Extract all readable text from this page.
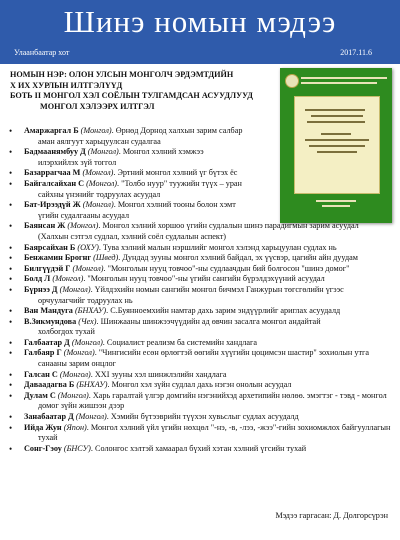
Шинэ номын мэдээ
Улаанбаатар хот	2017.11.6
НОМЫН НЭР: ОЛОН УЛСЫН МОНГОЛЧ ЭРДЭМТДИЙН
Х ИХ ХУРЛЫН ИЛТГЭЛҮҮД
БОТЬ II МОНГОЛ ХЭЛ СОЁЛЫН ТУЛГАМДСАН АСУУДЛУУД
МОНГОЛ ХЭЛЭЭРХ ИЛТГЭЛ
• Амаржаргал Б (Монгол). Өрнөд Дорнод халхын зарим салбар
аман аялгуут харьцуулсан судалгаа
• Бадмаанямбуу Д (Монгол). Монгол хэлний хэмжээ
илэрхийлэх зүй тоггол
• Базаррагчаа М (Монгол). Эртний монгол хэлний үг бүтэх ёс
• Байгалсайхан С (Монгол). "Толбо нуур" туужийн түүх – уран
сайхны үнэнийг тодруулах асуудал
• Бат-Ирээдүй Ж (Монгол). Монгол хэлний тооны болон хэмт
үгийн судалгааны асуудал
• Баянсан Ж (Монгол). Монгол хэлний хоршоо үгийн судлалын шинэ парадигмын зарим асуудал
(Халхын сэтгэл судлал, хэлний соёл судлалын аспект)
• Баярсайхан Б (ОХУ). Тува хэлний малын нэршлийг монгол хэлэнд харьцуулан судлах нь
• Бенжамин Брогнг (Швед). Дундад зууны монгол хэлний байдал, эх үүсвэр, цагийн айн дуудам
• Билгүүдэй Г (Монгол). "Монголын нууц товчоо"-ны судлаачдын бий болгосон "шинэ домог"
• Болд Л (Монгол). "Монголын нууц товчоо"-ны үгийн сангийн бүрэлдэхүүний асуудал
• Бүрнээ Д (Монгол). Үйлдэхийн номын сангийн монгол бичмэл Ганжурын төгсгөлийн үгээс
орчуулагчийг тодруулах нь
• Ван Мандуга (БНХАУ). С.Буянноемхийн намтар дахь зарим эндүүрлийг ариглах асуудалд
• В.Зикмундова (Чех). Шинжааны шинжээчүүдийн ад өвчин засалга монгол андайтай
холбогдох тухай
• Галбаатар Д (Монгол). Социалист реализм ба системийн хандлага
• Галбаяр Г (Монгол). "Чингисийн есөн өрлөгтэй өөгийн хүүгийн цоцимсэн шастир" зохиолын утга
санааны зарим онцлог
• Галсан С (Монгол). XXI зууны хэл шинжлэлийн хандлага
• Даваадагва Б (БНХАУ). Монгол хэл зүйн судлал дахь нэгэн онолын асуудал
• Дулам С (Монгол). Харь гаралтай үлгэр домгийн нэгэнийхэд архетипийн нөлөө. эмэгтэг - тэвд - монгол
домог зүйн жишээн дээр
• Занабаатар Д (Монгол). Хэмийн бүтээврийн түүхэн хувьслыг судлах асуудалд
• Ийда Жун (Япон). Монгол хэлний үйл үгийн нөхцөл "-нэ, -в, -лээ, -жээ"-гийн зохиомжлох байгууллагын
тухай
• Сонг-Гэоу (БНСУ). Солонгос хэлтэй хамаарал бүхий хэтан хэлний үгсийн тухай
Мэдээ гаргасан: Д. Долгорсүрэн
